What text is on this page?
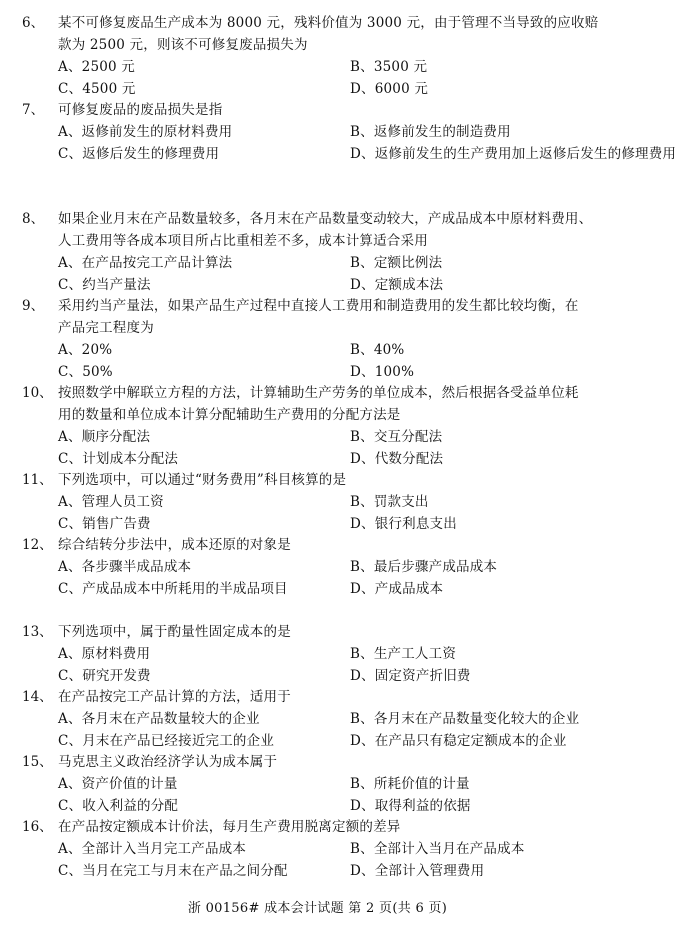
6、	某不可修复废品生产成本为 8000 元，残料价值为 3000 元，由于管理不当导致的应收赔
款为 2500 元，则该不可修复废品损失为
A、2500 元	B、3500 元
C、4500 元	D、6000 元
7、	可修复废品的废品损失是指
A、返修前发生的原材料费用	B、返修前发生的制造费用
C、返修后发生的修理费用	D、返修前发生的生产费用加上返修后发生的修理费用
8、	如果企业月末在产品数量较多，各月末在产品数量变动较大，产成品成本中原材料费用、
人工费用等各成本项目所占比重相差不多，成本计算适合采用
A、在产品按完工产品计算法	B、定额比例法
C、约当产量法	D、定额成本法
9、	采用约当产量法，如果产品生产过程中直接人工费用和制造费用的发生都比较均衡，在
产品完工程度为
A、20%	B、40%
C、50%	D、100%
10、 按照数学中解联立方程的方法，计算辅助生产劳务的单位成本，然后根据各受益单位耗
用的数量和单位成本计算分配辅助生产费用的分配方法是
A、顺序分配法	B、交互分配法
C、计划成本分配法	D、代数分配法
11、 下列选项中，可以通过“财务费用”科目核算的是
A、管理人员工资	B、罚款支出
C、销售广告费	D、银行利息支出
12、 综合结转分步法中，成本还原的对象是
A、各步骤半成品成本	B、最后步骤产成品成本
C、产成品成本中所耗用的半成品项目	D、产成品成本
13、 下列选项中，属于酌量性固定成本的是
A、原材料费用	B、生产工人工资
C、研究开发费	D、固定资产折旧费
14、 在产品按完工产品计算的方法，适用于
A、各月末在产品数量较大的企业	B、各月末在产品数量变化较大的企业
C、月末在产品已经接近完工的企业	D、在产品只有稳定定额成本的企业
15、 马克思主义政治经济学认为成本属于
A、资产价值的计量	B、所耗价值的计量
C、收入利益的分配	D、取得利益的依据
16、 在产品按定额成本计价法，每月生产费用脱离定额的差异
A、全部计入当月完工产品成本	B、全部计入当月在产品成本
C、当月在完工与月末在产品之间分配	D、全部计入管理费用
浙 00156# 成本会计试题 第 2 页(共 6 页)
